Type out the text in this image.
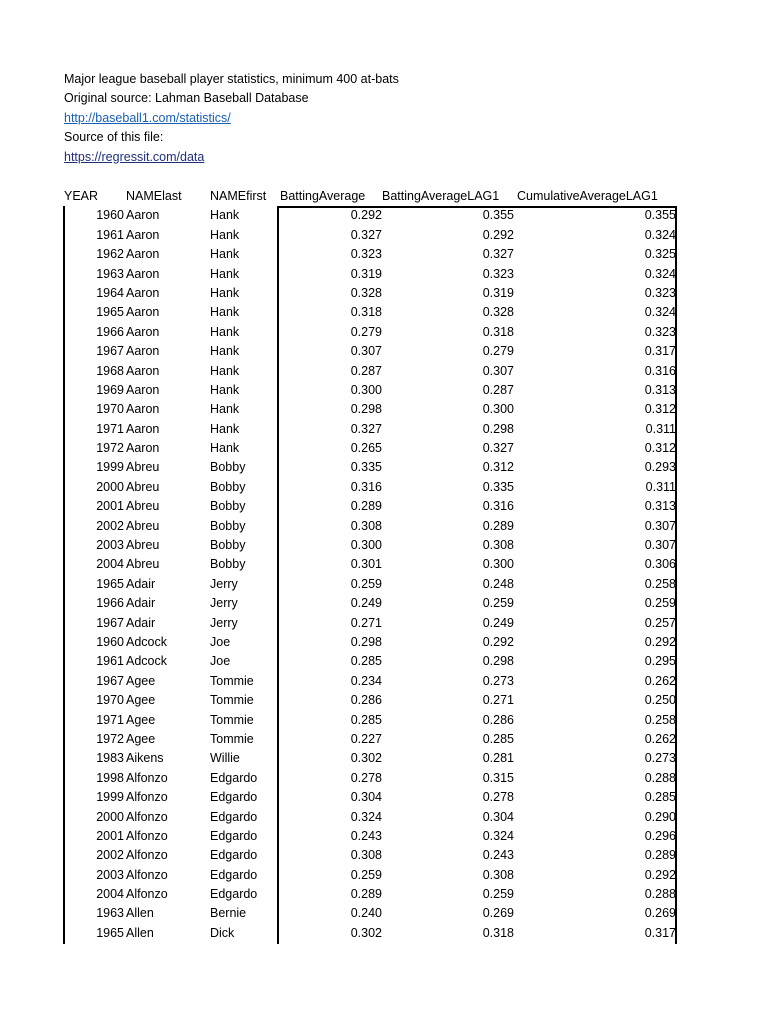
Major league baseball player statistics, minimum 400 at-bats
Original source: Lahman Baseball Database
http://baseball1.com/statistics/
Source of this file:
https://regressit.com/data
YEAR NAMElast NAMEfirst BattingAverage BattingAverageLAG1 CumulativeAverageLAG1
1960 Aaron	Hank	0.292	0.355	0.355
1961 Aaron	Hank	0.327	0.292	0.324
1962 Aaron	Hank	0.323	0.327	0.325
1963 Aaron	Hank	0.319	0.323	0.324
1964 Aaron	Hank	0.328	0.319	0.323
1965 Aaron	Hank	0.318	0.328	0.324
1966 Aaron	Hank	0.279	0.318	0.323
1967 Aaron	Hank	0.307	0.279	0.317
1968 Aaron	Hank	0.287	0.307	0.316
1969 Aaron	Hank	0.300	0.287	0.313
1970 Aaron	Hank	0.298	0.300	0.312
1971 Aaron	Hank	0.327	0.298	0.311
1972 Aaron	Hank	0.265	0.327	0.312
1999 Abreu	Bobby	0.335	0.312	0.293
2000 Abreu	Bobby	0.316	0.335	0.311
2001 Abreu	Bobby	0.289	0.316	0.313
2002 Abreu	Bobby	0.308	0.289	0.307
2003 Abreu	Bobby	0.300	0.308	0.307
2004 Abreu	Bobby	0.301	0.300	0.306
1965 Adair	Jerry	0.259	0.248	0.258
1966 Adair	Jerry	0.249	0.259	0.259
1967 Adair	Jerry	0.271	0.249	0.257
1960 Adcock	Joe	0.298	0.292	0.292
1961 Adcock	Joe	0.285	0.298	0.295
1967 Agee	Tommie	0.234	0.273	0.262
1970 Agee	Tommie	0.286	0.271	0.250
1971 Agee	Tommie	0.285	0.286	0.258
1972 Agee	Tommie	0.227	0.285	0.262
1983 Aikens	Willie	0.302	0.281	0.273
1998 Alfonzo	Edgardo	0.278	0.315	0.288
1999 Alfonzo	Edgardo	0.304	0.278	0.285
2000 Alfonzo	Edgardo	0.324	0.304	0.290
2001 Alfonzo	Edgardo	0.243	0.324	0.296
2002 Alfonzo	Edgardo	0.308	0.243	0.289
2003 Alfonzo	Edgardo	0.259	0.308	0.292
2004 Alfonzo	Edgardo	0.289	0.259	0.288
1963 Allen	Bernie	0.240	0.269	0.269
1965 Allen	Dick	0.302	0.318	0.317
